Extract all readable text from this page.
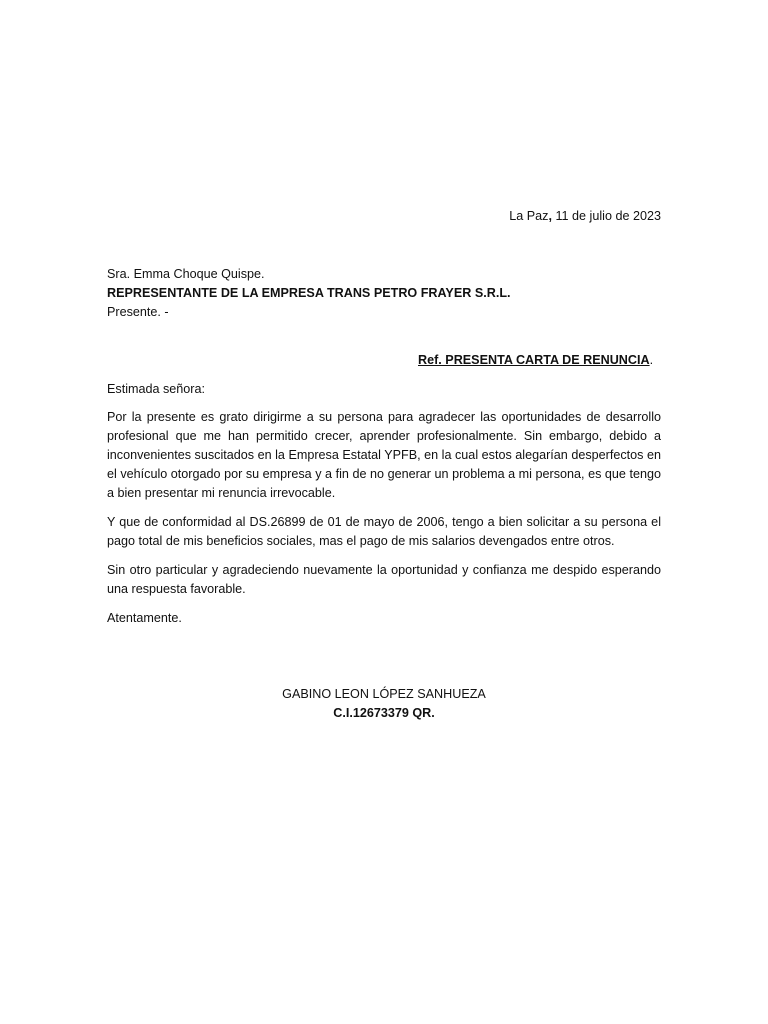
La Paz, 11 de julio de 2023
Sra. Emma Choque Quispe.
REPRESENTANTE DE LA EMPRESA TRANS PETRO FRAYER S.R.L.
Presente. -
Ref. PRESENTA CARTA DE RENUNCIA.
Estimada señora:

Por la presente es grato dirigirme a su persona para agradecer las oportunidades de desarrollo profesional que me han permitido crecer, aprender profesionalmente. Sin embargo, debido a inconvenientes suscitados en la Empresa Estatal YPFB, en la cual estos alegarían desperfectos en el vehículo otorgado por su empresa y a fin de no generar un problema a mi persona, es que tengo a bien presentar mi renuncia irrevocable.

Y que de conformidad al DS.26899 de 01 de mayo de 2006, tengo a bien solicitar a su persona el pago total de mis beneficios sociales, mas el pago de mis salarios devengados entre otros.

Sin otro particular y agradeciendo nuevamente la oportunidad y confianza me despido esperando una respuesta favorable.

Atentamente.
GABINO LEON LÓPEZ SANHUEZA
C.I.12673379 QR.
